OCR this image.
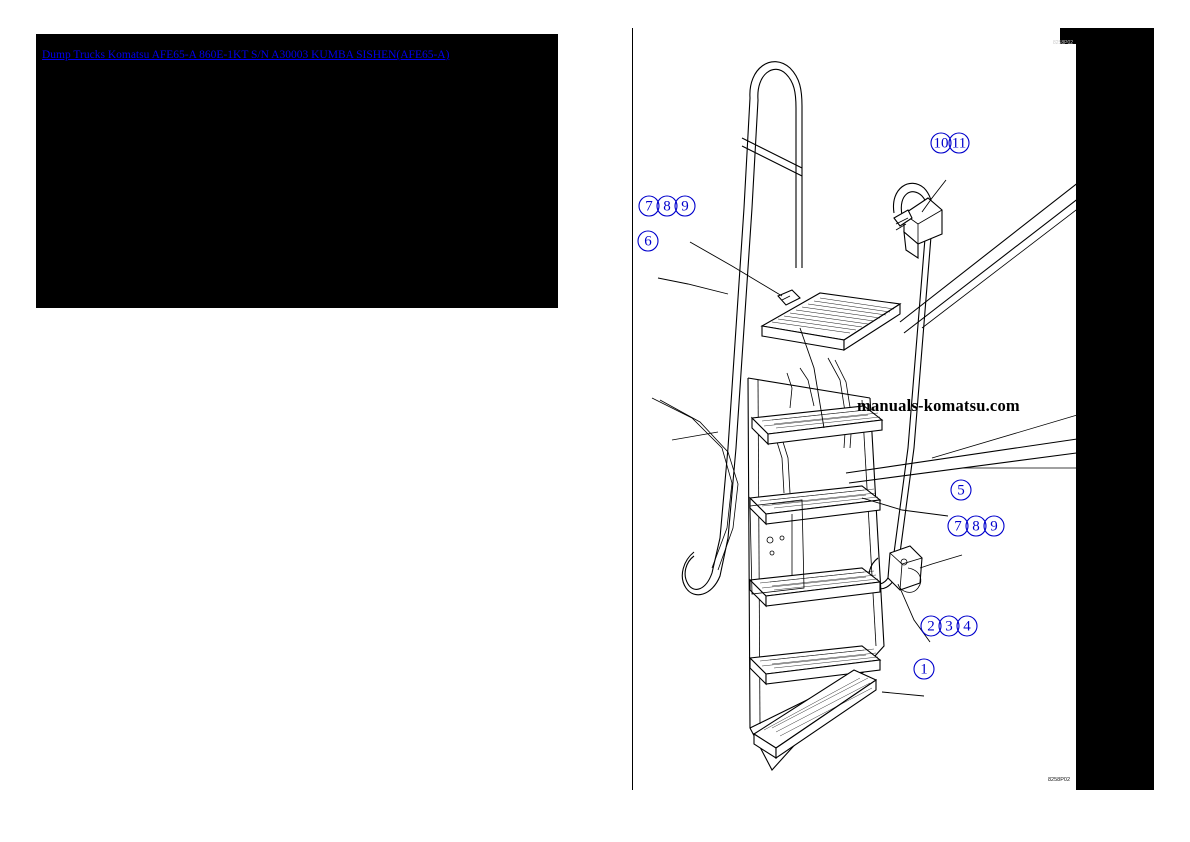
Dump Trucks Komatsu AFE65-A 860E-1KT S/N A30003 KUMBA SISHEN(AFE65-A)
1
2 3 4
5
6
7 8 9
7 8 9
10 11
manuals-komatsu.com
8258P02
8258P02
